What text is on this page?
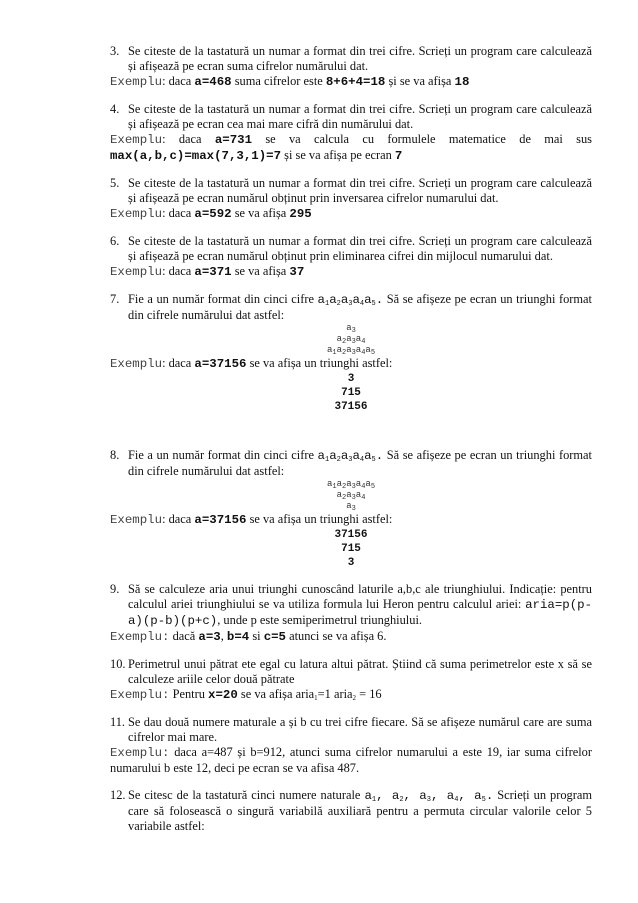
3. Se citeste de la tastatură un numar a format din trei cifre. Scrieți un program care calculează și afișează pe ecran suma cifrelor numărului dat.
Exemplu: daca a=468 suma cifrelor este 8+6+4=18 și se va afișa 18
4. Se citeste de la tastatură un numar a format din trei cifre. Scrieți un program care calculează și afișează pe ecran cea mai mare cifră din numărului dat.
Exemplu: daca a=731 se va calcula cu formulele matematice de mai sus max(a,b,c)=max(7,3,1)=7 și se va afișa pe ecran 7
5. Se citeste de la tastatură un numar a format din trei cifre. Scrieți un program care calculează și afișează pe ecran numărul obținut prin inversarea cifrelor numarului dat.
Exemplu: daca a=592 se va afișa 295
6. Se citeste de la tastatură un numar a format din trei cifre. Scrieți un program care calculează și afișează pe ecran numărul obținut prin eliminarea cifrei din mijlocul numarului dat.
Exemplu: daca a=371 se va afișa 37
7. Fie a un număr format din cinci cifre $a_1a_2a_3a_4a_5$. Să se afișeze pe ecran un triunghi format din cifrele numărului dat astfel:
$a_3$
$a_2a_3a_4$
$a_1a_2a_3a_4a_5$
Exemplu: daca a=37156 se va afișa un triunghi astfel:
3
715
37156
8. Fie a un număr format din cinci cifre $a_1a_2a_3a_4a_5$. Să se afișeze pe ecran un triunghi format din cifrele numărului dat astfel:
$a_1a_2a_3a_4a_5$
$a_2a_3a_4$
$a_3$
Exemplu: daca a=37156 se va afișa un triunghi astfel:
37156
715
3
9. Să se calculeze aria unui triunghi cunoscând laturile a,b,c ale triunghiului. Indicație: pentru calculul ariei triunghiului se va utiliza formula lui Heron pentru calculul ariei: aria=p(p-a)(p-b)(p+c), unde p este semiperimetrul triunghiului.
Exemplu: dacă a=3, b=4 si c=5 atunci se va afișa 6.
10. Perimetrul unui pătrat ete egal cu latura altui pătrat. Știind că suma perimetrelor este x să se calculeze ariile celor două pătrate
Exemplu: Pentru x=20 se va afișa aria$_1$=1 aria$_2$ = 16
11. Se dau două numere maturale a și b cu trei cifre fiecare. Să se afișeze numărul care are suma cifrelor mai mare.
Exemplu: daca a=487 și b=912, atunci suma cifrelor numarului a este 19, iar suma cifrelor numarului b este 12, deci pe ecran se va afisa 487.
12. Se citesc de la tastatură cinci numere naturale $a_1$, $a_2$, $a_3$, $a_4$, $a_5$. Scrieți un program care să folosească o singură variabilă auxiliară pentru a permuta circular valorile celor 5 variabile astfel:
